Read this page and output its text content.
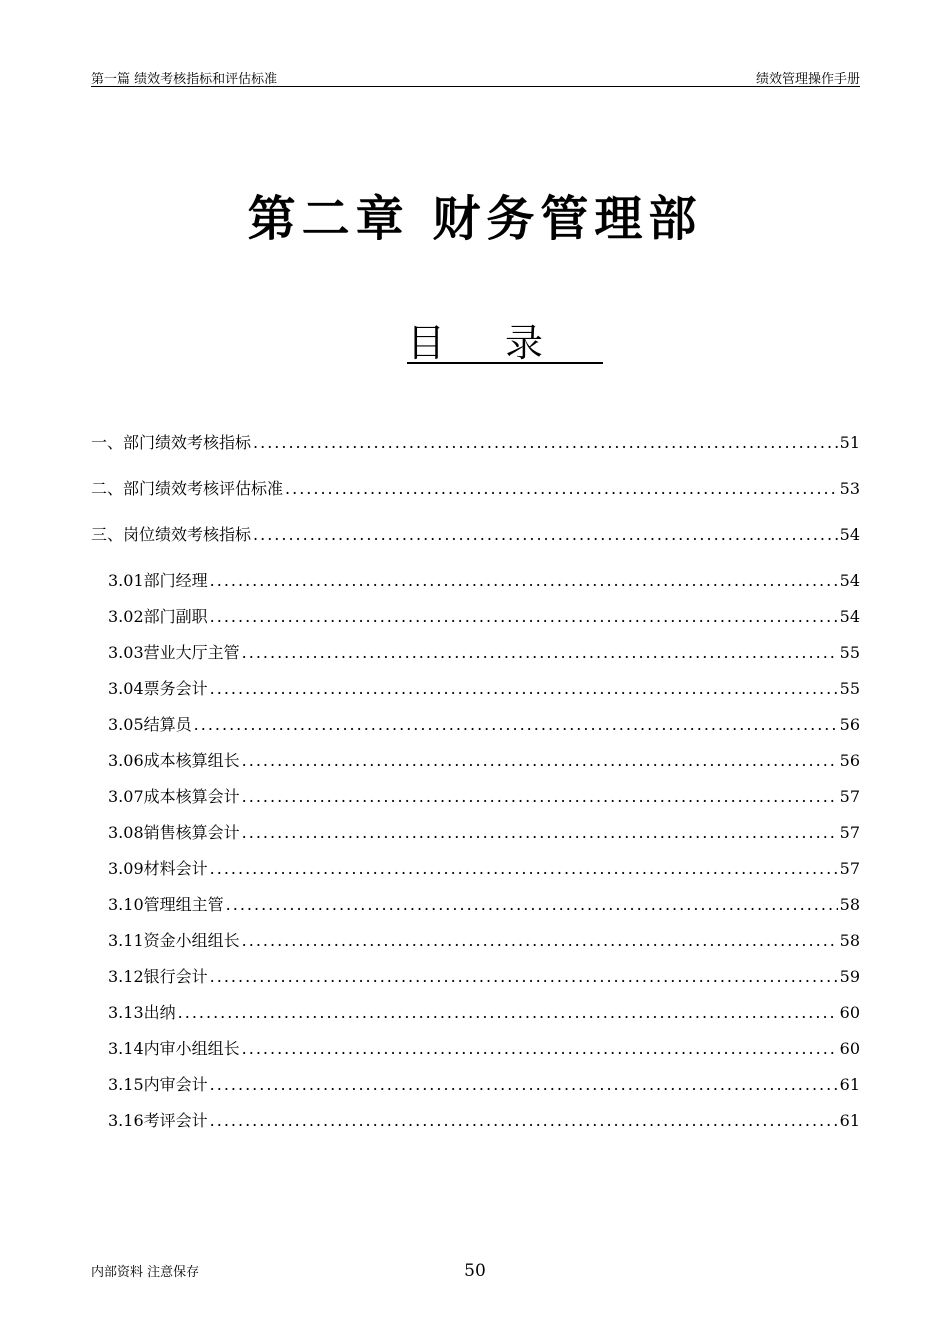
第一篇 绩效考核指标和评估标准	绩效管理操作手册
第二章 财务管理部
目录
一、部门绩效考核指标 .....	51
二、部门绩效考核评估标准 .....	53
三、岗位绩效考核指标 .....	54
3.01 部门经理 .....	54
3.02 部门副职 .....	54
3.03 营业大厅主管 .....	55
3.04 票务会计 .....	55
3.05 结算员 .....	56
3.06 成本核算组长 .....	56
3.07 成本核算会计 .....	57
3.08 销售核算会计 .....	57
3.09 材料会计 .....	57
3.10 管理组主管 .....	58
3.11 资金小组组长 .....	58
3.12 银行会计 .....	59
3.13 出纳 .....	60
3.14 内审小组组长 .....	60
3.15 内审会计 .....	61
3.16 考评会计 .....	61
内部资料 注意保存	50
